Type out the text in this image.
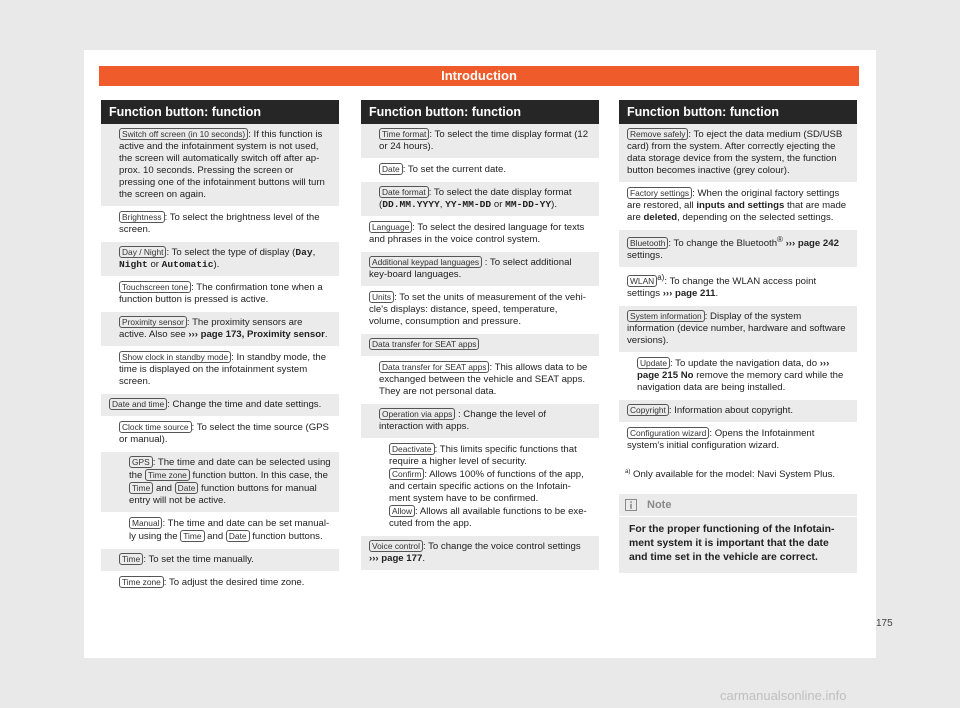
Introduction
Function button: function
Switch off screen (in 10 seconds) : If this function is active and the infotainment system is not used, the screen will automatically switch off after ap-prox. 10 seconds. Pressing the screen or pressing one of the infotainment buttons will turn the screen on again.
Brightness : To select the brightness level of the screen.
Day / Night : To select the type of display (Day, Night or Automatic).
Touchscreen tone : The confirmation tone when a function button is pressed is active.
Proximity sensor : The proximity sensors are active. Also see ››› page 173, Proximity sensor.
Show clock in standby mode : In standby mode, the time is displayed on the infotainment system screen.
Date and time : Change the time and date settings.
Clock time source : To select the time source (GPS or manual).
GPS : The time and date can be selected using the Time zone function button. In this case, the Time and Date function buttons for manual entry will not be active.
Manual : The time and date can be set manual-ly using the Time and Date function buttons.
Time : To set the time manually.
Time zone : To adjust the desired time zone.
Function button: function
Time format : To select the time display format (12 or 24 hours).
Date : To set the current date.
Date format : To select the date display format (DD.MM.YYYY, YY-MM-DD or MM-DD-YY).
Language : To select the desired language for texts and phrases in the voice control system.
Additional keypad languages : To select additional key-board languages.
Units : To set the units of measurement of the vehi-cle's displays: distance, speed, temperature, volume, consumption and pressure.
Data transfer for SEAT apps
Data transfer for SEAT apps : This allows data to be exchanged between the vehicle and SEAT apps. They are not personal data.
Operation via apps : Change the level of interaction with apps.
Deactivate : This limits specific functions that require a higher level of security.
Confirm : Allows 100% of functions of the app, and certain specific actions on the Infotain-ment system have to be confirmed.
Allow : Allows all available functions to be exe-cuted from the app.
Voice control : To change the voice control settings ››› page 177.
Function button: function
Remove safely : To eject the data medium (SD/USB card) from the system. After correctly ejecting the data storage device from the system, the function button becomes inactive (grey colour).
Factory settings : When the original factory settings are restored, all inputs and settings that are made are deleted, depending on the selected settings.
Bluetooth : To change the Bluetooth® ››› page 242 settings.
WLAN $^{a)}$: To change the WLAN access point settings ››› page 211.
System information : Display of the system information (device number, hardware and software versions).
Update : To update the navigation data, do ››› page 215 No remove the memory card while the navigation data are being installed.
Copyright : Information about copyright.
Configuration wizard : Opens the Infotainment system's initial configuration wizard.
$^{a)}$ Only available for the model: Navi System Plus.
Note
For the proper functioning of the Infotain-ment system it is important that the date and time set in the vehicle are correct.
175
carmanualsonline.info
